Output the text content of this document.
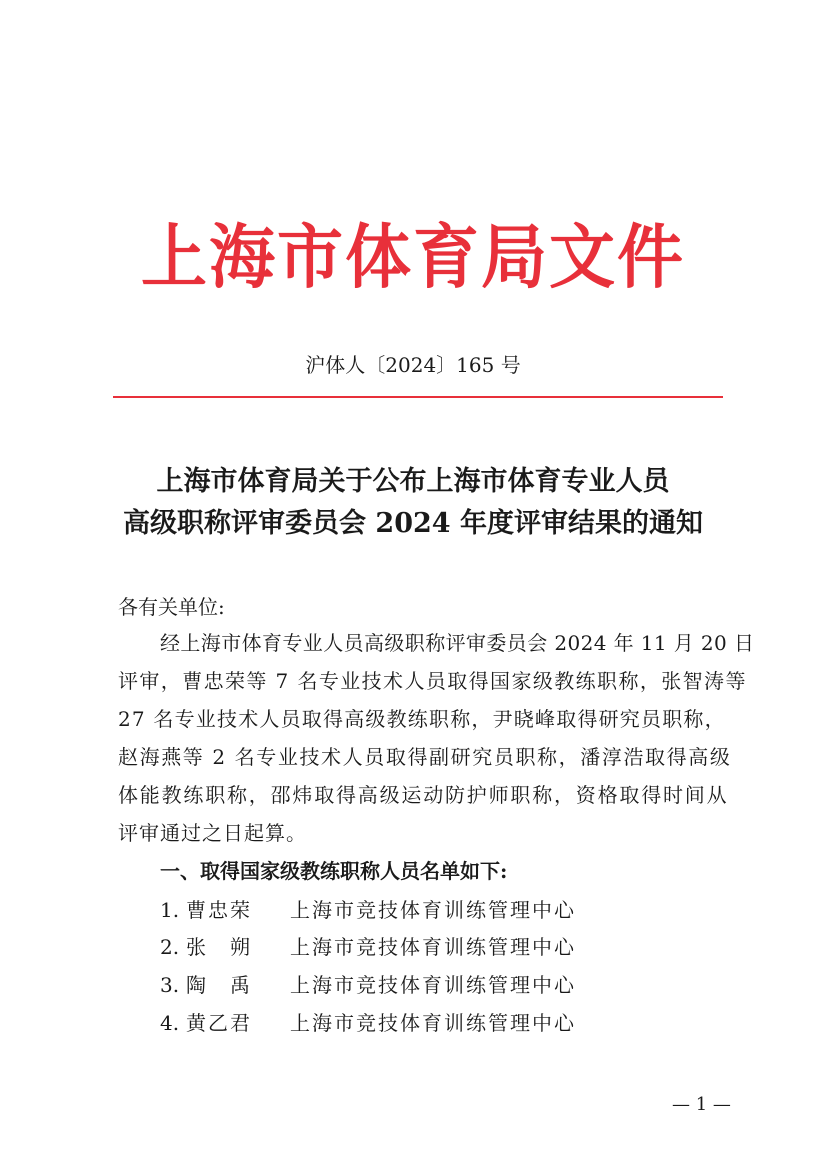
上海市体育局文件
沪体人〔2024〕165 号
上海市体育局关于公布上海市体育专业人员
高级职称评审委员会 2024 年度评审结果的通知
各有关单位:
经上海市体育专业人员高级职称评审委员会 2024 年 11 月 20 日
评审，曹忠荣等 7 名专业技术人员取得国家级教练职称，张智涛等
27 名专业技术人员取得高级教练职称，尹晓峰取得研究员职称，
赵海燕等 2 名专业技术人员取得副研究员职称，潘淳浩取得高级
体能教练职称，邵炜取得高级运动防护师职称，资格取得时间从
评审通过之日起算。
一、取得国家级教练职称人员名单如下:
1. 曹忠荣 上海市竞技体育训练管理中心
2. 张　朔 上海市竞技体育训练管理中心
3. 陶　禹 上海市竞技体育训练管理中心
4. 黄乙君 上海市竞技体育训练管理中心
— 1 —
